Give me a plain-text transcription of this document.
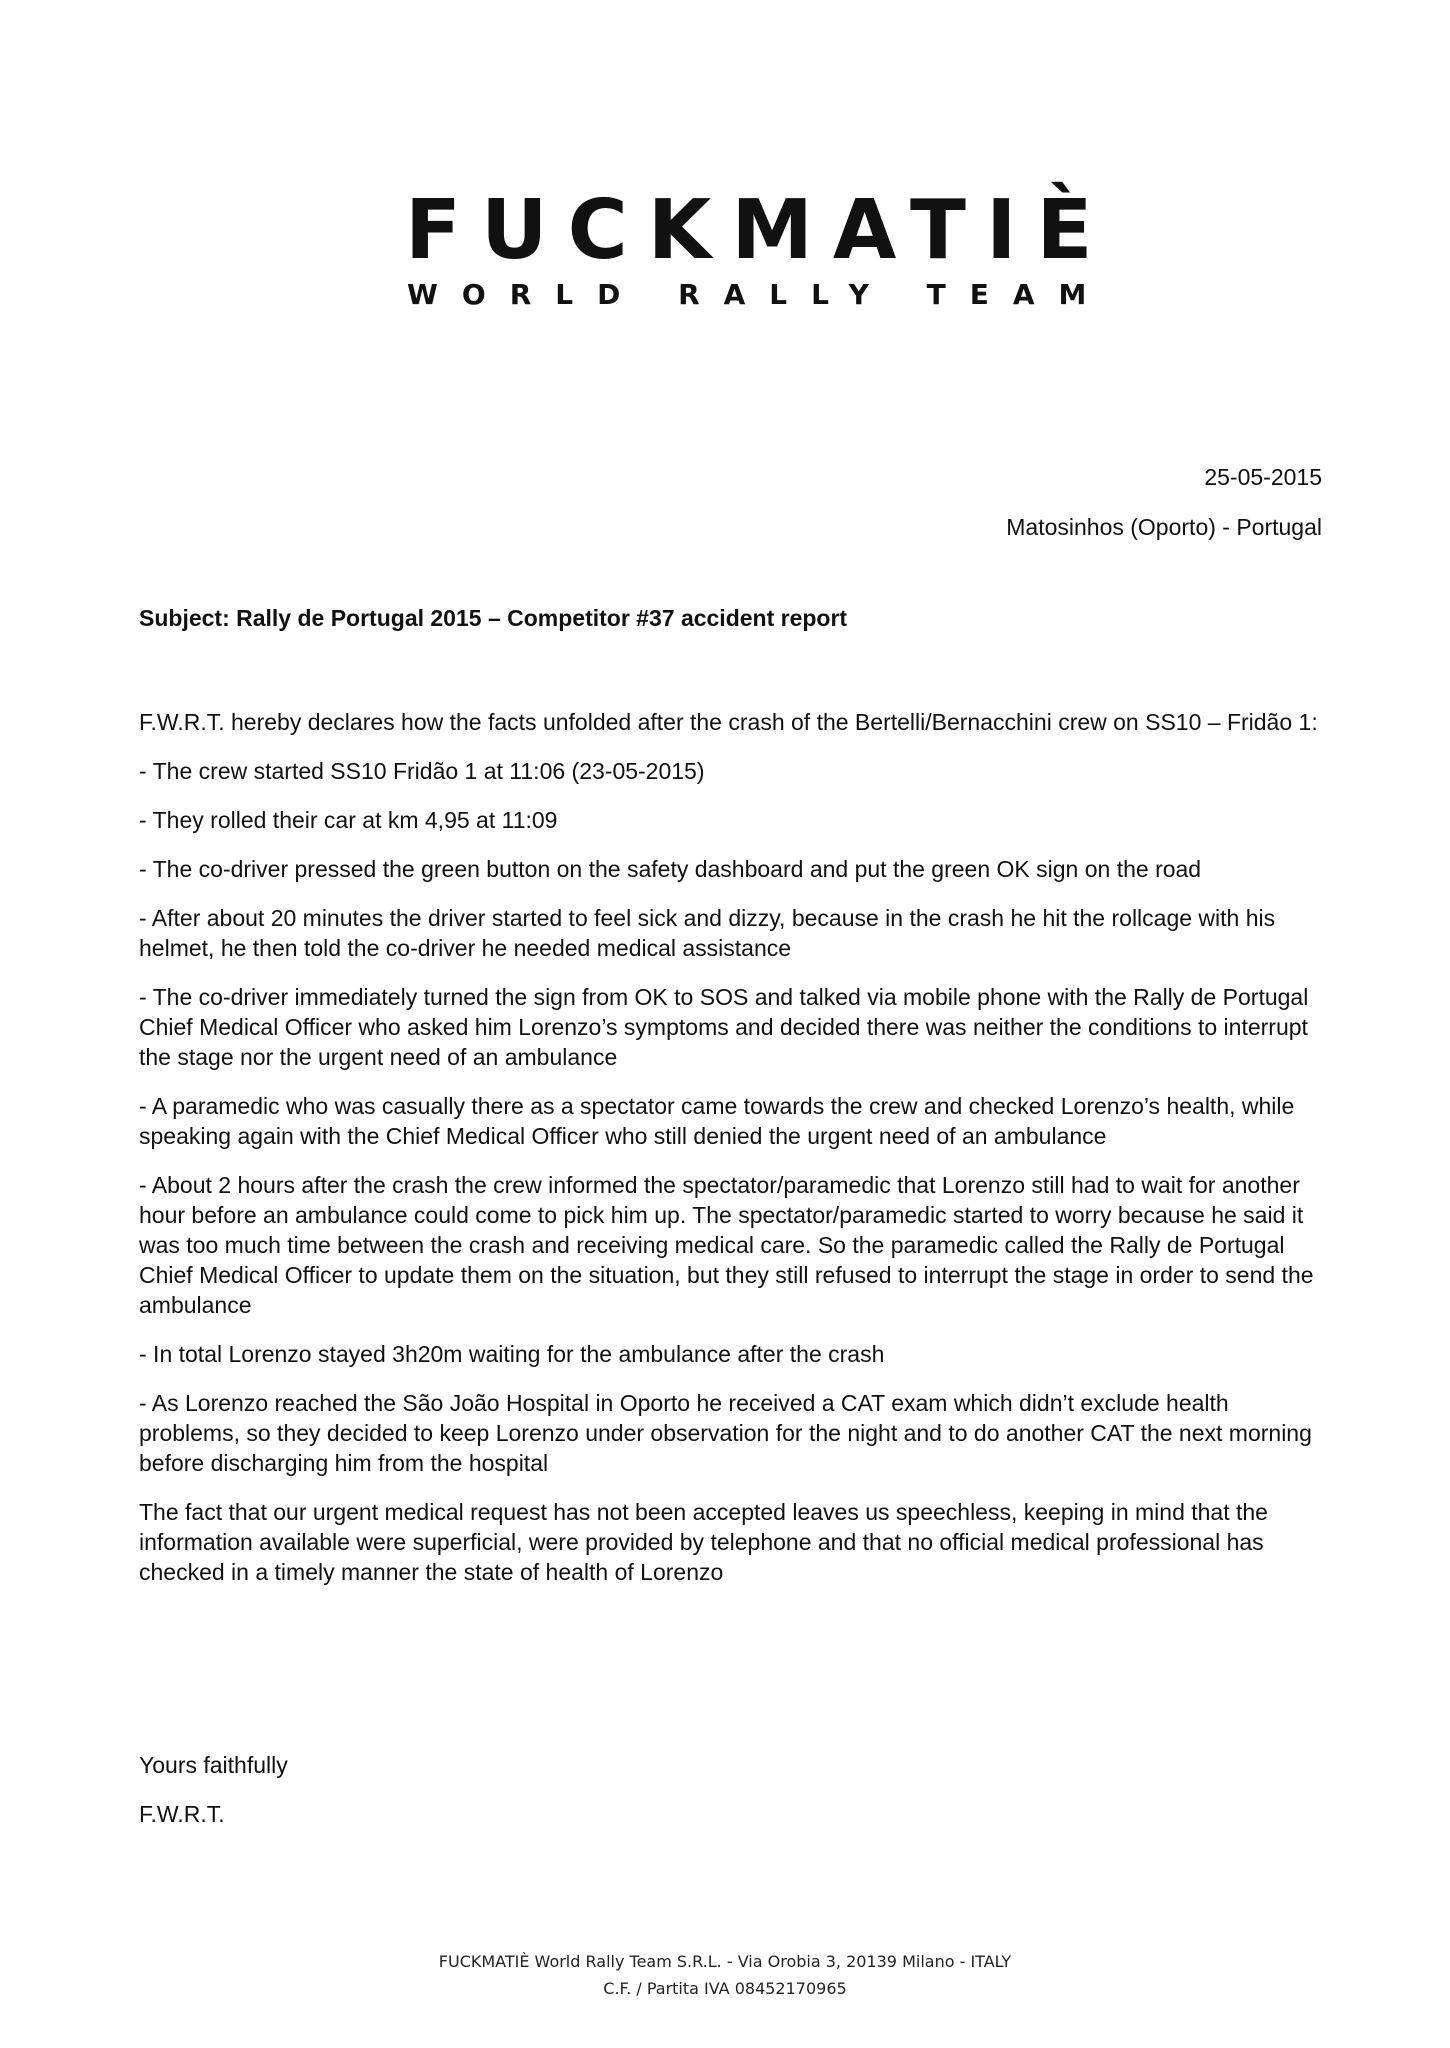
FUCKMATIÈ
WORLD RALLY TEAM
25-05-2015
Matosinhos (Oporto) - Portugal
Subject: Rally de Portugal 2015 – Competitor #37 accident report

F.W.R.T. hereby declares how the facts unfolded after the crash of the Bertelli/Bernacchini crew on SS10 – Fridão 1:

- The crew started SS10 Fridão 1 at 11:06 (23-05-2015)

- They rolled their car at km 4,95 at 11:09

- The co-driver pressed the green button on the safety dashboard and put the green OK sign on the road

- After about 20 minutes the driver started to feel sick and dizzy, because in the crash he hit the rollcage with his helmet, he then told the co-driver he needed medical assistance

- The co-driver immediately turned the sign from OK to SOS and talked via mobile phone with the Rally de Portugal Chief Medical Officer who asked him Lorenzo’s symptoms and decided there was neither the conditions to interrupt the stage nor the urgent need of an ambulance

- A paramedic who was casually there as a spectator came towards the crew and checked Lorenzo’s health, while speaking again with the Chief Medical Officer who still denied the urgent need of an ambulance

- About 2 hours after the crash the crew informed the spectator/paramedic that Lorenzo still had to wait for another hour before an ambulance could come to pick him up. The spectator/paramedic started to worry because he said it was too much time between the crash and receiving medical care. So the paramedic called the Rally de Portugal Chief Medical Officer to update them on the situation, but they still refused to interrupt the stage in order to send the ambulance

- In total Lorenzo stayed 3h20m waiting for the ambulance after the crash

- As Lorenzo reached the São João Hospital in Oporto he received a CAT exam which didn’t exclude health problems, so they decided to keep Lorenzo under observation for the night and to do another CAT the next morning before discharging him from the hospital

The fact that our urgent medical request has not been accepted leaves us speechless, keeping in mind that the information available were superficial, were provided by telephone and that no official medical professional has checked in a timely manner the state of health of Lorenzo

Yours faithfully

F.W.R.T.

FUCKMATIÈ World Rally Team S.R.L. - Via Orobia 3, 20139 Milano - ITALY
C.F. / Partita IVA 08452170965
